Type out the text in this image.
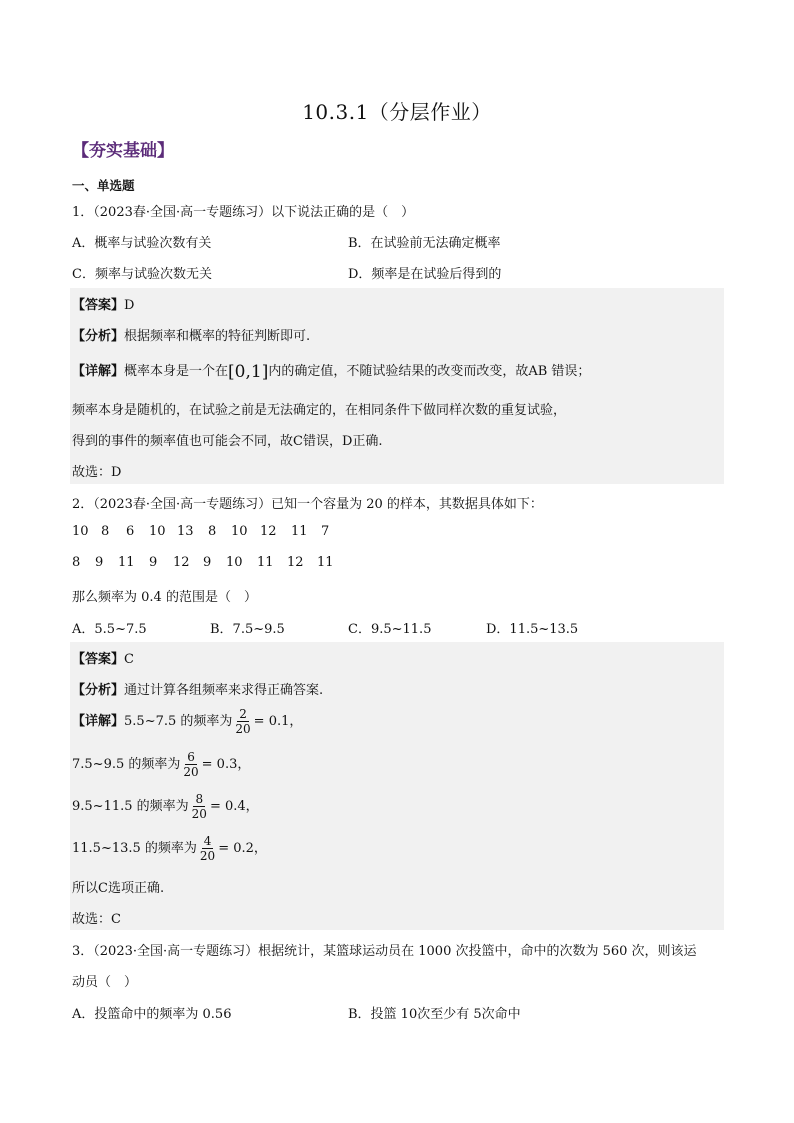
10.3.1（分层作业）
【夯实基础】
一、单选题
1．（2023春·全国·高一专题练习）以下说法正确的是（　）
A．概率与试验次数有关	B．在试验前无法确定概率
C．频率与试验次数无关	D．频率是在试验后得到的
【答案】D
【分析】根据频率和概率的特征判断即可.
【详解】概率本身是一个在[0,1]内的确定值，不随试验结果的改变而改变，故AB 错误；
频率本身是随机的，在试验之前是无法确定的，在相同条件下做同样次数的重复试验，
得到的事件的频率值也可能会不同，故C错误，D正确.
故选：D
2．（2023春·全国·高一专题练习）已知一个容量为 20 的样本，其数据具体如下：
10 8 6 10 13 8 10 12 11 7
8 9 11 9 12 9 10 11 12 11
那么频率为 0.4 的范围是（　）
A．5.5~7.5	B．7.5~9.5	C．9.5~11.5	D．11.5~13.5
【答案】C
【分析】通过计算各组频率来求得正确答案.
【详解】5.5~7.5 的频率为 $\frac{2}{20} = 0.1$，
7.5~9.5 的频率为 $\frac{6}{20} = 0.3$，
9.5~11.5 的频率为 $\frac{8}{20} = 0.4$，
11.5~13.5 的频率为 $\frac{4}{20} = 0.2$，
所以C选项正确.
故选：C
3．（2023·全国·高一专题练习）根据统计，某篮球运动员在 1000 次投篮中，命中的次数为 560 次，则该运
动员（　）
A．投篮命中的频率为 0.56	B．投篮 10次至少有 5次命中
